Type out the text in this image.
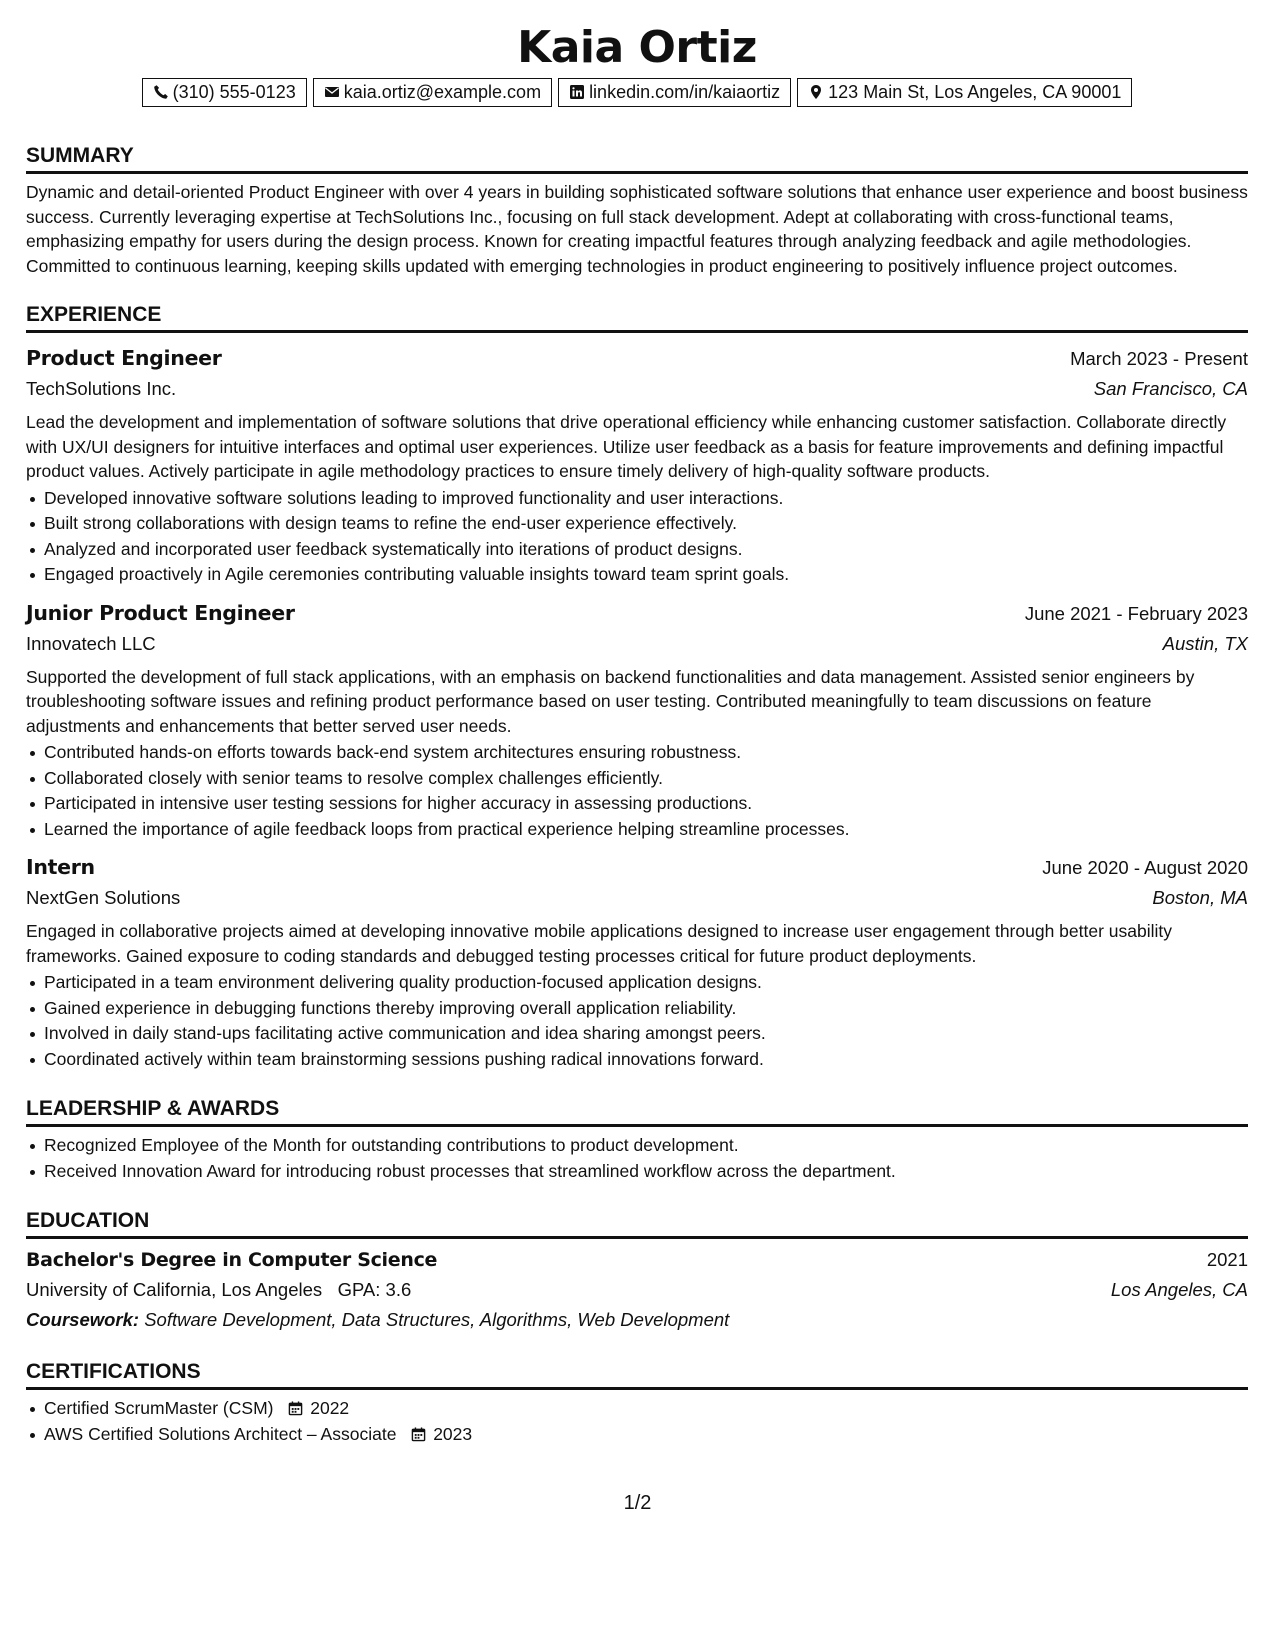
Kaia Ortiz
(310) 555-0123	kaia.ortiz@example.com	linkedin.com/in/kaiaortiz	123 Main St, Los Angeles, CA 90001
SUMMARY

Dynamic and detail-oriented Product Engineer with over 4 years in building sophisticated software solutions that enhance user experience and boost business success. Currently leveraging expertise at TechSolutions Inc., focusing on full stack development. Adept at collaborating with cross-functional teams, emphasizing empathy for users during the design process. Known for creating impactful features through analyzing feedback and agile methodologies. Committed to continuous learning, keeping skills updated with emerging technologies in product engineering to positively influence project outcomes.

EXPERIENCE
Product Engineer	March 2023 - Present
TechSolutions Inc.	San Francisco, CA

Lead the development and implementation of software solutions that drive operational efficiency while enhancing customer satisfaction. Collaborate directly with UX/UI designers for intuitive interfaces and optimal user experiences. Utilize user feedback as a basis for feature improvements and defining impactful product values. Actively participate in agile methodology practices to ensure timely delivery of high-quality software products.

Developed innovative software solutions leading to improved functionality and user interactions.
Built strong collaborations with design teams to refine the end-user experience effectively.
Analyzed and incorporated user feedback systematically into iterations of product designs.
Engaged proactively in Agile ceremonies contributing valuable insights toward team sprint goals.
Junior Product Engineer	June 2021 - February 2023
Innovatech LLC	Austin, TX

Supported the development of full stack applications, with an emphasis on backend functionalities and data management. Assisted senior engineers by troubleshooting software issues and refining product performance based on user testing. Contributed meaningfully to team discussions on feature adjustments and enhancements that better served user needs.

Contributed hands-on efforts towards back-end system architectures ensuring robustness.
Collaborated closely with senior teams to resolve complex challenges efficiently.
Participated in intensive user testing sessions for higher accuracy in assessing productions.
Learned the importance of agile feedback loops from practical experience helping streamline processes.
Intern	June 2020 - August 2020
NextGen Solutions	Boston, MA

Engaged in collaborative projects aimed at developing innovative mobile applications designed to increase user engagement through better usability frameworks. Gained exposure to coding standards and debugged testing processes critical for future product deployments.

Participated in a team environment delivering quality production-focused application designs.
Gained experience in debugging functions thereby improving overall application reliability.
Involved in daily stand-ups facilitating active communication and idea sharing amongst peers.
Coordinated actively within team brainstorming sessions pushing radical innovations forward.
LEADERSHIP & AWARDS
Recognized Employee of the Month for outstanding contributions to product development.
Received Innovation Award for introducing robust processes that streamlined workflow across the department.
EDUCATION
Bachelor's Degree in Computer Science	2021
University of California, Los Angeles GPA: 3.6	Los Angeles, CA
Coursework: Software Development, Data Structures, Algorithms, Web Development
CERTIFICATIONS
Certified ScrumMaster (CSM) 2022
AWS Certified Solutions Architect – Associate 2023
1/2
